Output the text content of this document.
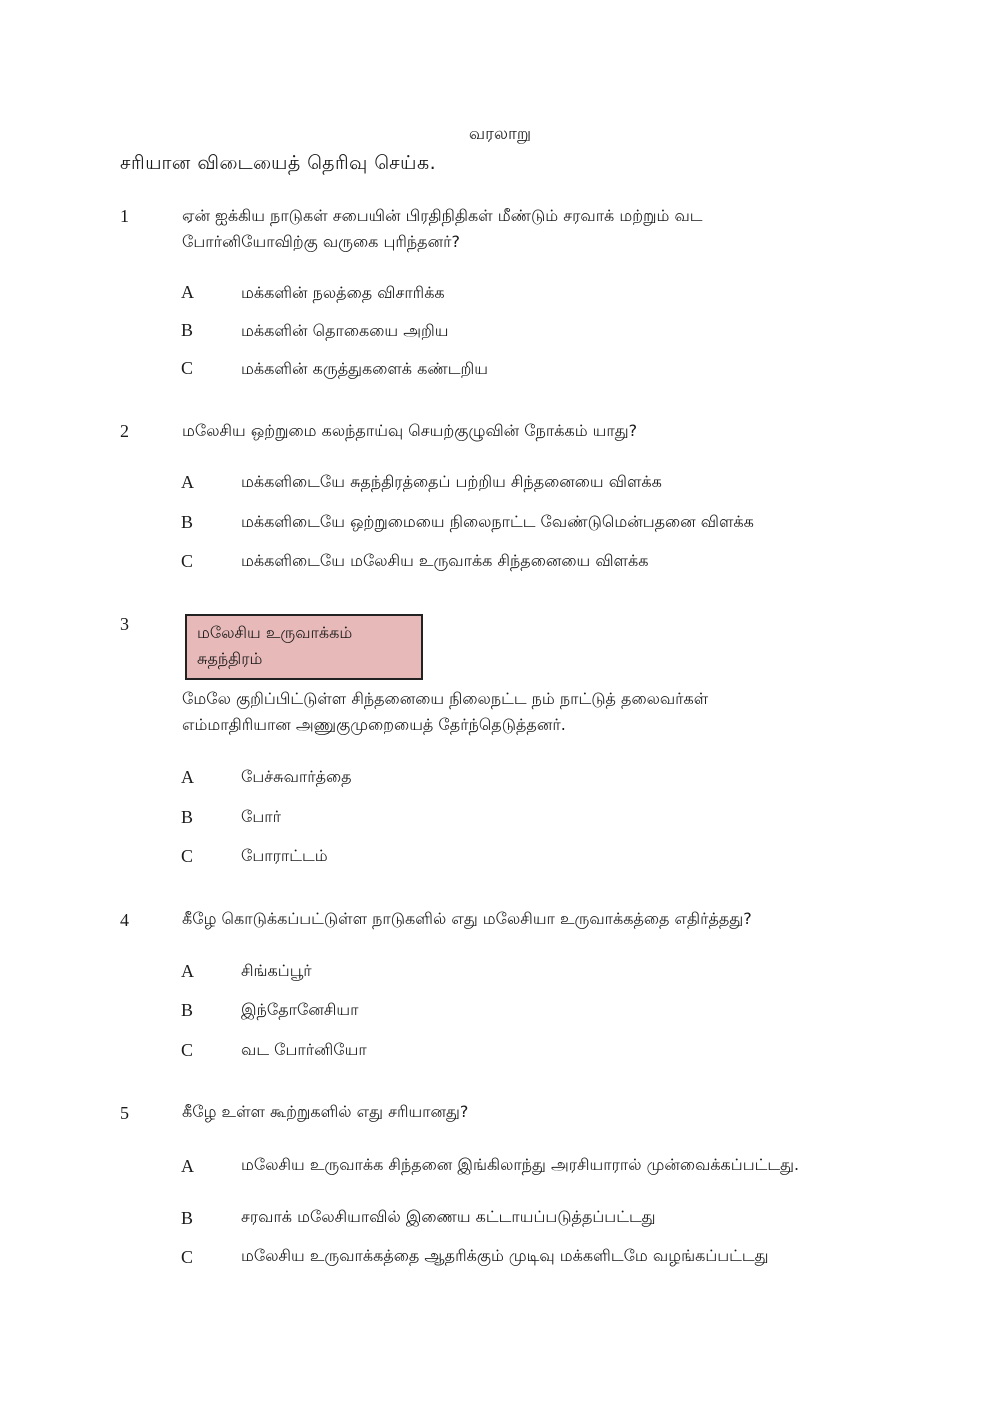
வரலாறு
சரியான விடையைத் தெரிவு செய்க.
1	ஏன் ஐக்கிய நாடுகள் சபையின் பிரதிநிதிகள் மீண்டும் சரவாக் மற்றும் வட போர்னியோவிற்கு வருகை புரிந்தனர்?
A	மக்களின் நலத்தை விசாரிக்க
B	மக்களின் தொகையை அறிய
C	மக்களின் கருத்துகளைக் கண்டறிய
2	மலேசிய ஒற்றுமை கலந்தாய்வு செயற்குழுவின் நோக்கம் யாது?
A	மக்களிடையே சுதந்திரத்தைப் பற்றிய சிந்தனையை விளக்க
B	மக்களிடையே ஒற்றுமையை நிலைநாட்ட வேண்டுமென்பதனை விளக்க
C	மக்களிடையே மலேசிய உருவாக்க சிந்தனையை விளக்க
3	மலேசிய உருவாக்கம்
சுதந்திரம்
மேலே குறிப்பிட்டுள்ள சிந்தனையை நிலைநட்ட நம் நாட்டுத் தலைவர்கள் எம்மாதிரியான அணுகுமுறையைத் தேர்ந்தெடுத்தனர்.
A	பேச்சுவார்த்தை
B	போர்
C	போராட்டம்
4	கீழே கொடுக்கப்பட்டுள்ள நாடுகளில் எது மலேசியா உருவாக்கத்தை எதிர்த்தது?
A	சிங்கப்பூர்
B	இந்தோனேசியா
C	வட போர்னியோ
5	கீழே உள்ள கூற்றுகளில் எது சரியானது?
A	மலேசிய உருவாக்க சிந்தனை இங்கிலாந்து அரசியாரால் முன்வைக்கப்பட்டது.
B	சரவாக் மலேசியாவில் இணைய கட்டாயப்படுத்தப்பட்டது
C	மலேசிய உருவாக்கத்தை ஆதரிக்கும் முடிவு மக்களிடமே வழங்கப்பட்டது
